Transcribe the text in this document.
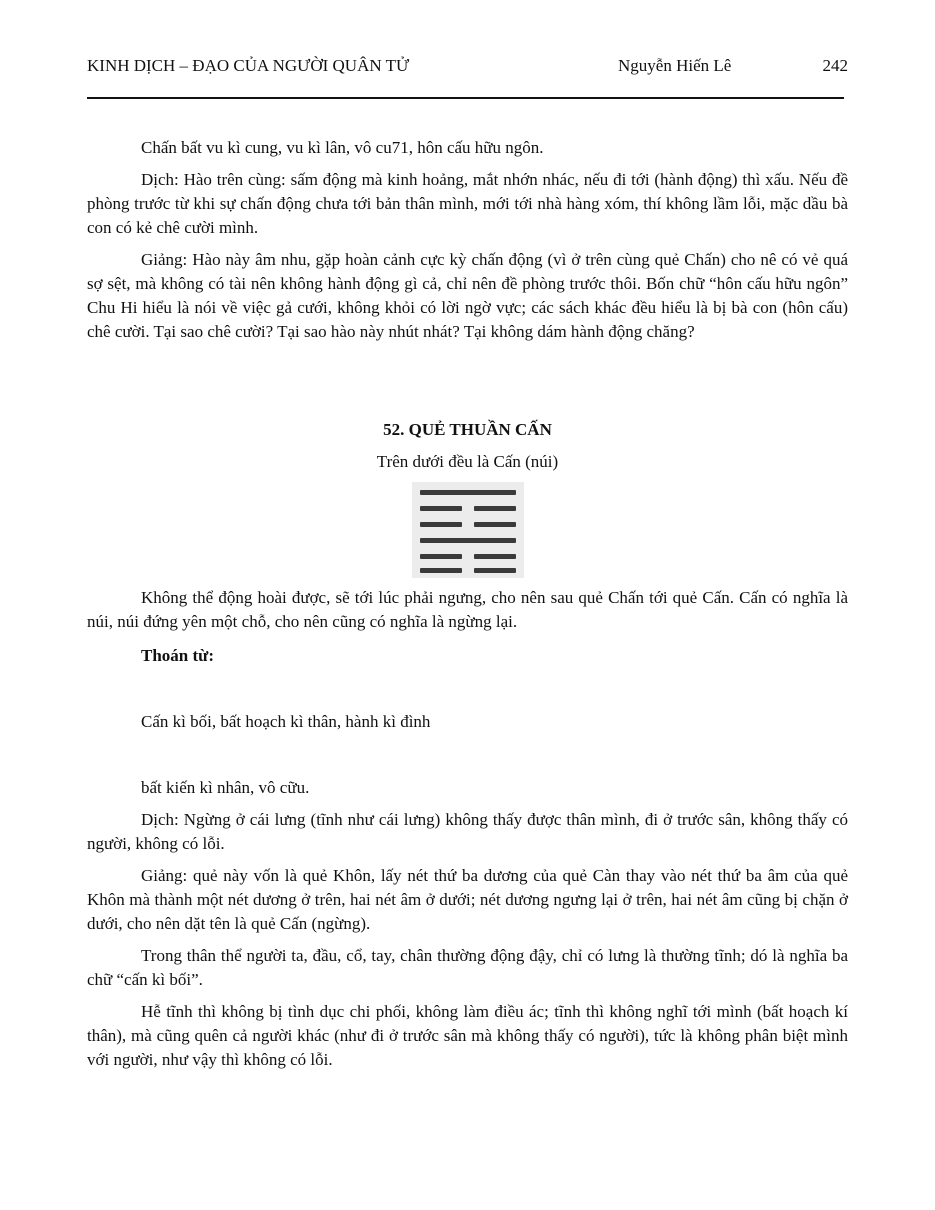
KINH DỊCH – ĐẠO CỦA NGƯỜI QUÂN TỬ	Nguyễn Hiến Lê	242

Chấn bất vu kì cung, vu kì lân, vô cu71, hôn cấu hữu ngôn.

Dịch: Hào trên cùng: sấm động mà kinh hoảng, mắt nhớn nhác, nếu đi tới (hành động) thì xấu. Nếu đề phòng trước từ khi sự chấn động chưa tới bản thân mình, mới tới nhà hàng xóm, thí không lầm lỗi, mặc dầu bà con có kẻ chê cười mình.

Giảng: Hào này âm nhu, gặp hoàn cảnh cực kỳ chấn động (vì ở trên cùng quẻ Chấn) cho nê có vẻ quá sợ sệt, mà không có tài nên không hành động gì cả, chỉ nên đề phòng trước thôi. Bốn chữ “hôn cấu hữu ngôn” Chu Hi hiểu là nói về việc gả cưới, không khỏi có lời ngờ vực; các sách khác đều hiểu là bị bà con (hôn cấu) chê cười. Tại sao chê cười? Tại sao hào này nhút nhát? Tại không dám hành động chăng?

52. QUẺ THUẦN CẤN

Trên dưới đều là Cấn (núi)

Không thể động hoài được, sẽ tới lúc phải ngưng, cho nên sau quẻ Chấn tới quẻ Cấn. Cấn có nghĩa là núi, núi đứng yên một chỗ, cho nên cũng có nghĩa là ngừng lại.

Thoán từ:

Cấn kì bối, bất hoạch kì thân, hành kì đình

bất kiến kì nhân, vô cữu.

Dịch: Ngừng ở cái lưng (tĩnh như cái lưng) không thấy được thân mình, đi ở trước sân, không thấy có người, không có lỗi.

Giảng: quẻ này vốn là quẻ Khôn, lấy nét thứ ba dương của quẻ Càn thay vào nét thứ ba âm của quẻ Khôn mà thành một nét dương ở trên, hai nét âm ở dưới; nét dương ngưng lại ở trên, hai nét âm cũng bị chặn ở dưới, cho nên dặt tên là quẻ Cấn (ngừng).

Trong thân thể người ta, đầu, cổ, tay, chân thường động đậy, chỉ có lưng là thường tĩnh; dó là nghĩa ba chữ “cấn kì bối”.

Hễ tĩnh thì không bị tình dục chi phối, không làm điều ác; tĩnh thì không nghĩ tới mình (bất hoạch kí thân), mà cũng quên cả người khác (như đi ở trước sân mà không thấy có người), tức là không phân biệt mình với người, như vậy thì không có lỗi.
